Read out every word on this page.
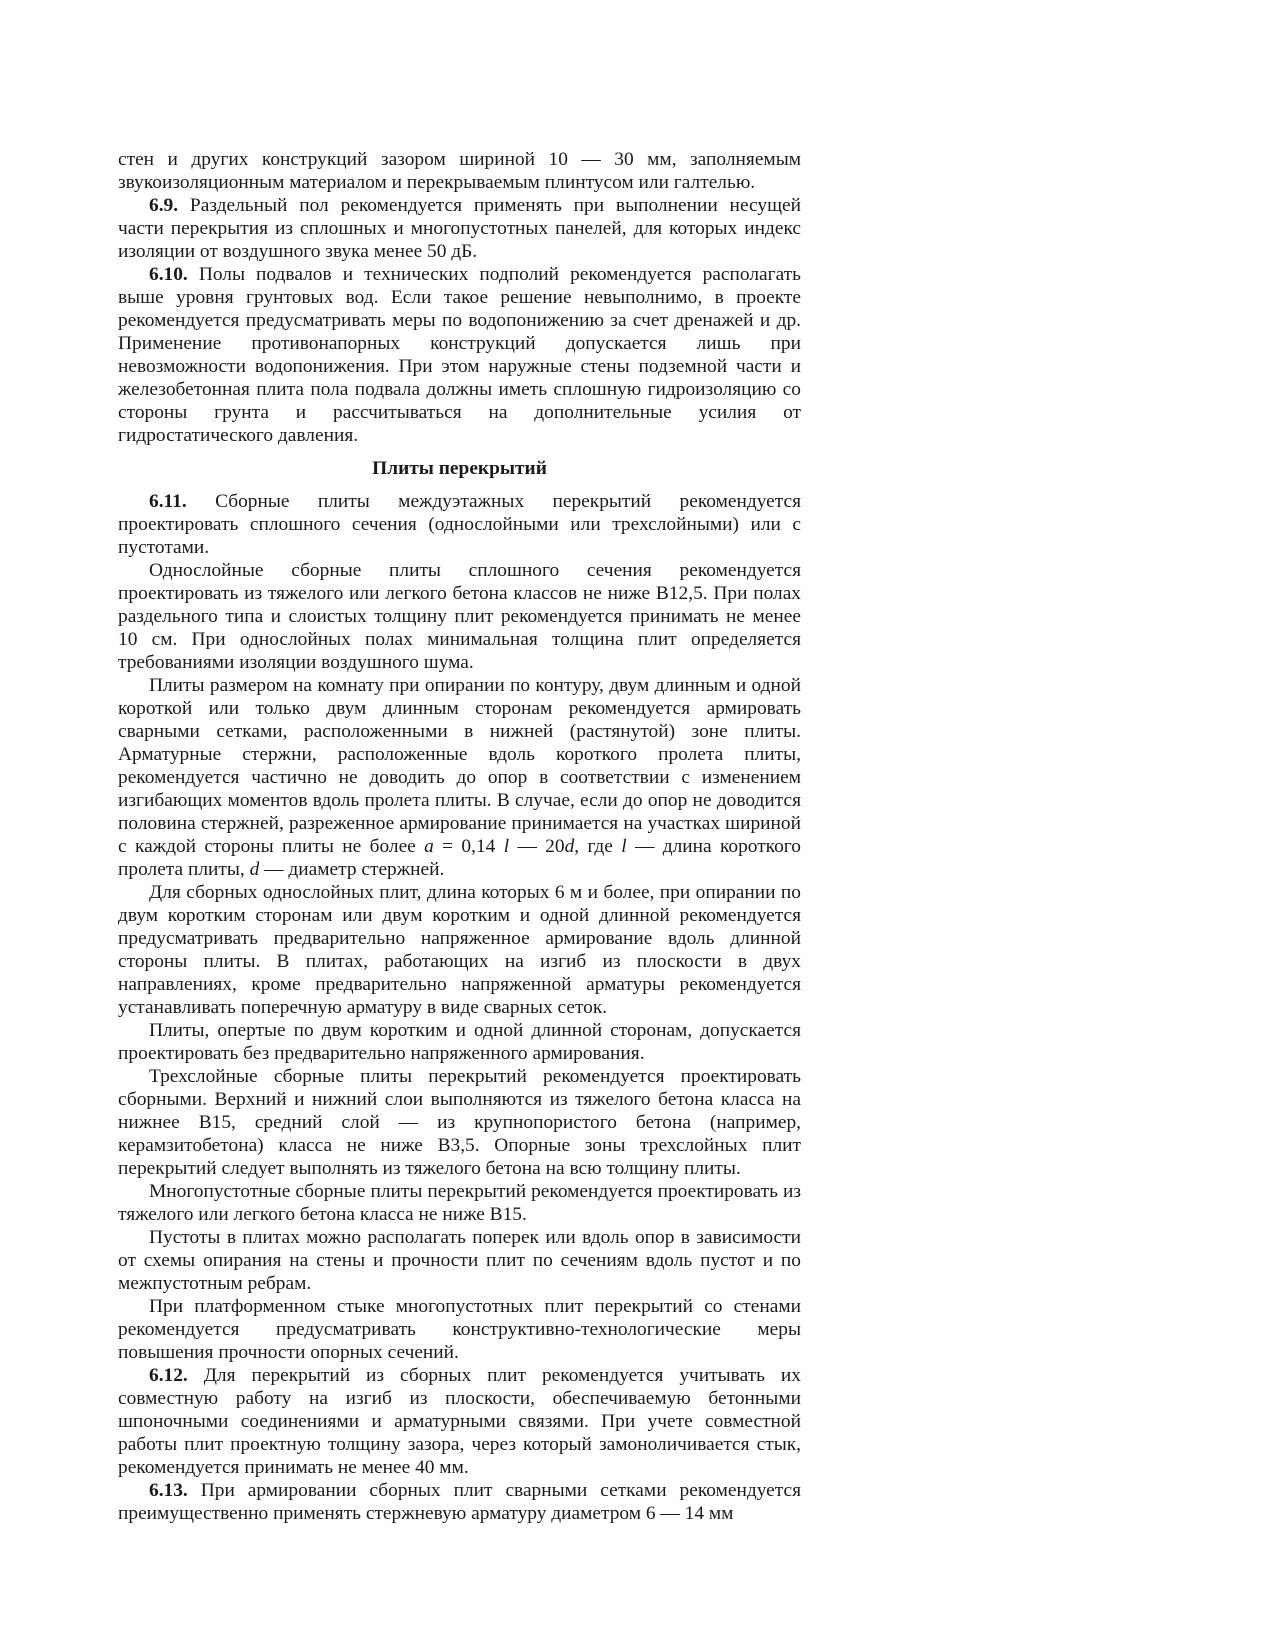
стен и других конструкций зазором шириной 10 — 30 мм, заполняемым звукоизоляционным материалом и перекрываемым плинтусом или галтелью.

6.9. Раздельный пол рекомендуется применять при выполнении несущей части перекрытия из сплошных и многопустотных панелей, для которых индекс изоляции от воздушного звука менее 50 дБ.

6.10. Полы подвалов и технических подполий рекомендуется располагать выше уровня грунтовых вод. Если такое решение невыполнимо, в проекте рекомендуется предусматривать меры по водопонижению за счет дренажей и др. Применение противонапорных конструкций допускается лишь при невозможности водопонижения. При этом наружные стены подземной части и железобетонная плита пола подвала должны иметь сплошную гидроизоляцию со стороны грунта и рассчитываться на дополнительные усилия от гидростатического давления.

Плиты перекрытий

6.11. Сборные плиты междуэтажных перекрытий рекомендуется проектировать сплошного сечения (однослойными или трехслойными) или с пустотами.

Однослойные сборные плиты сплошного сечения рекомендуется проектировать из тяжелого или легкого бетона классов не ниже В12,5. При полах раздельного типа и слоистых толщину плит рекомендуется принимать не менее 10 см. При однослойных полах минимальная толщина плит определяется требованиями изоляции воздушного шума.

Плиты размером на комнату при опирании по контуру, двум длинным и одной короткой или только двум длинным сторонам рекомендуется армировать сварными сетками, расположенными в нижней (растянутой) зоне плиты. Арматурные стержни, расположенные вдоль короткого пролета плиты, рекомендуется частично не доводить до опор в соответствии с изменением изгибающих моментов вдоль пролета плиты. В случае, если до опор не доводится половина стержней, разреженное армирование принимается на участках шириной с каждой стороны плиты не более a = 0,14 l — 20d, где l — длина короткого пролета плиты, d — диаметр стержней.

Для сборных однослойных плит, длина которых 6 м и более, при опирании по двум коротким сторонам или двум коротким и одной длинной рекомендуется предусматривать предварительно напряженное армирование вдоль длинной стороны плиты. В плитах, работающих на изгиб из плоскости в двух направлениях, кроме предварительно напряженной арматуры рекомендуется устанавливать поперечную арматуру в виде сварных сеток.

Плиты, опертые по двум коротким и одной длинной сторонам, допускается проектировать без предварительно напряженного армирования.

Трехслойные сборные плиты перекрытий рекомендуется проектировать сборными. Верхний и нижний слои выполняются из тяжелого бетона класса на нижнее В15, средний слой — из крупнопористого бетона (например, керамзитобетона) класса не ниже В3,5. Опорные зоны трехслойных плит перекрытий следует выполнять из тяжелого бетона на всю толщину плиты.

Многопустотные сборные плиты перекрытий рекомендуется проектировать из тяжелого или легкого бетона класса не ниже В15.

Пустоты в плитах можно располагать поперек или вдоль опор в зависимости от схемы опирания на стены и прочности плит по сечениям вдоль пустот и по межпустотным ребрам.

При платформенном стыке многопустотных плит перекрытий со стенами рекомендуется предусматривать конструктивно-технологические меры повышения прочности опорных сечений.

6.12. Для перекрытий из сборных плит рекомендуется учитывать их совместную работу на изгиб из плоскости, обеспечиваемую бетонными шпоночными соединениями и арматурными связями. При учете совместной работы плит проектную толщину зазора, через который замоноличивается стык, рекомендуется принимать не менее 40 мм.

6.13. При армировании сборных плит сварными сетками рекомендуется преимущественно применять стержневую арматуру диаметром 6 — 14 мм
